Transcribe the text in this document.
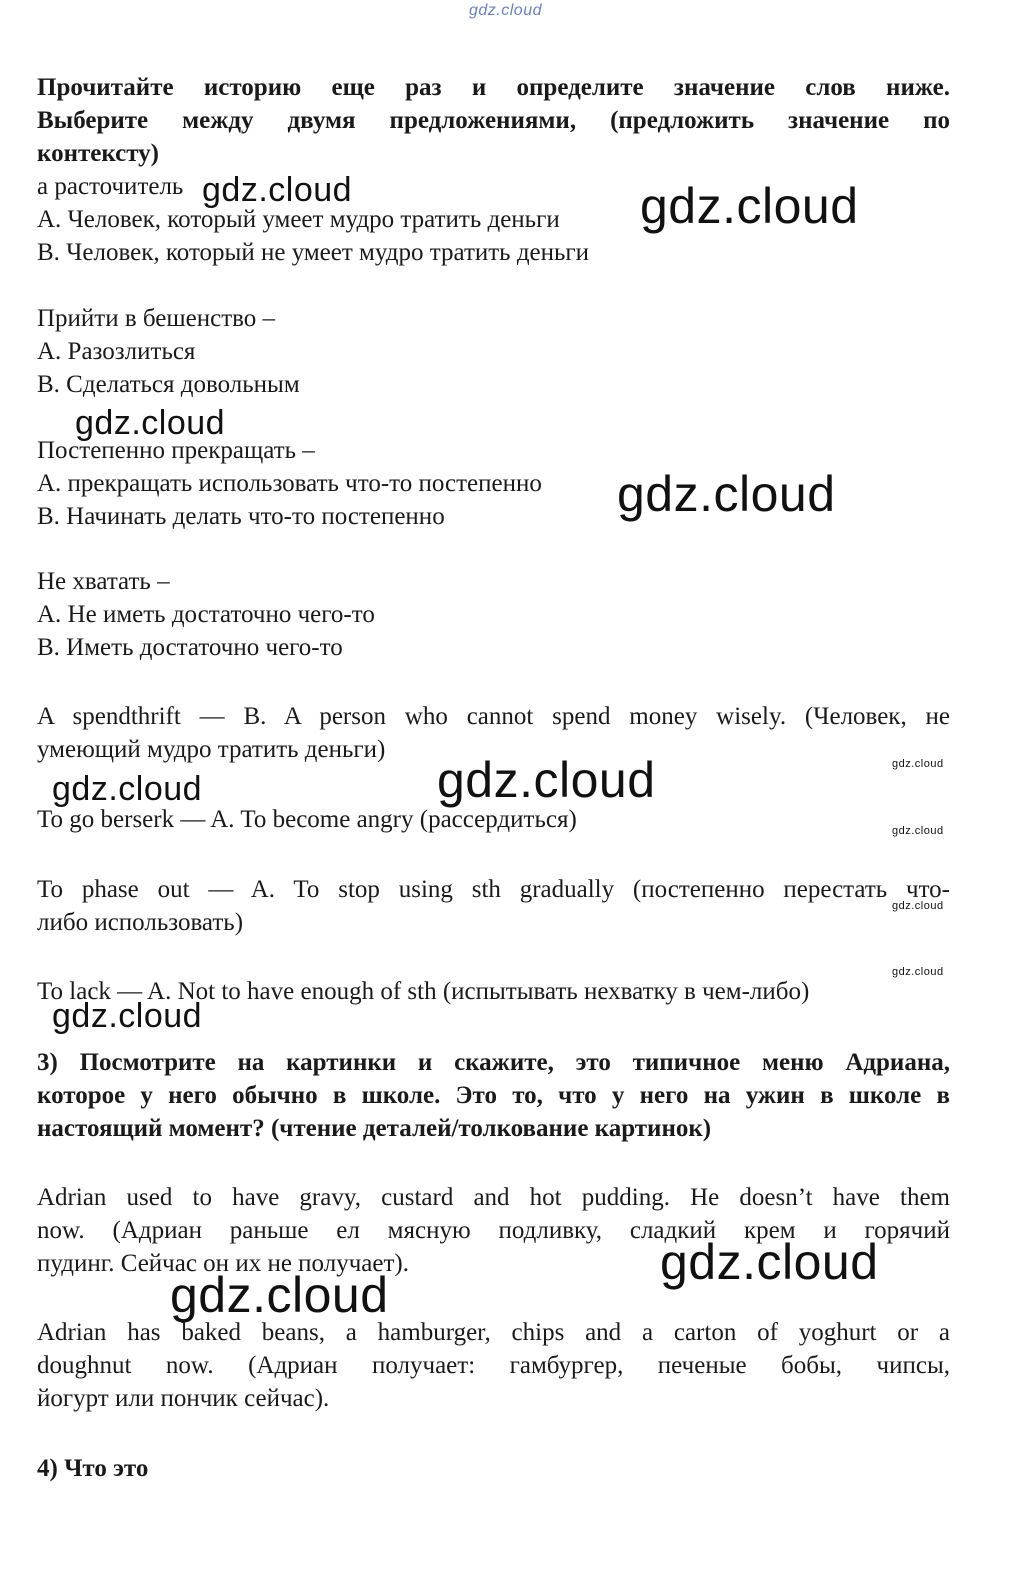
Прочитайте историю еще раз и определите значение слов ниже.
Выберите между двумя предложениями, (предложить значение по
контексту)
а расточитель
А. Человек, который умеет мудро тратить деньги
В. Человек, который не умеет мудро тратить деньги
Прийти в бешенство –
А. Разозлиться
В. Сделаться довольным
Постепенно прекращать –
А. прекращать использовать что-то постепенно
В. Начинать делать что-то постепенно
Не хватать –
А. Не иметь достаточно чего-то
В. Иметь достаточно чего-то
A spendthrift — B. A person who cannot spend money wisely. (Человек, не
умеющий мудро тратить деньги)
To go berserk — A. To become angry (рассердиться)
To phase out — A. To stop using sth gradually (постепенно перестать что-
либо использовать)
To lack — A. Not to have enough of sth (испытывать нехватку в чем-либо)
3) Посмотрите на картинки и скажите, это типичное меню Адриана,
которое у него обычно в школе. Это то, что у него на ужин в школе в
настоящий момент? (чтение деталей/толкование картинок)
Adrian used to have gravy, custard and hot pudding. He doesn’t have them
now. (Адриан раньше ел мясную подливку, сладкий крем и горячий
пудинг. Сейчас он их не получает).
Adrian has baked beans, a hamburger, chips and a carton of yoghurt or a
doughnut now. (Адриан получает: гамбургер, печеные бобы, чипсы,
йогурт или пончик сейчас).
4) Что это
gdz.cloud
gdz.cloud	gdz.cloud
gdz.cloud
gdz.cloud
gdz.cloud
gdz.cloud
gdz.cloud
gdz.cloud
gdz.cloud
gdz.cloud
gdz.cloud
gdz.cloud
gdz.cloud
